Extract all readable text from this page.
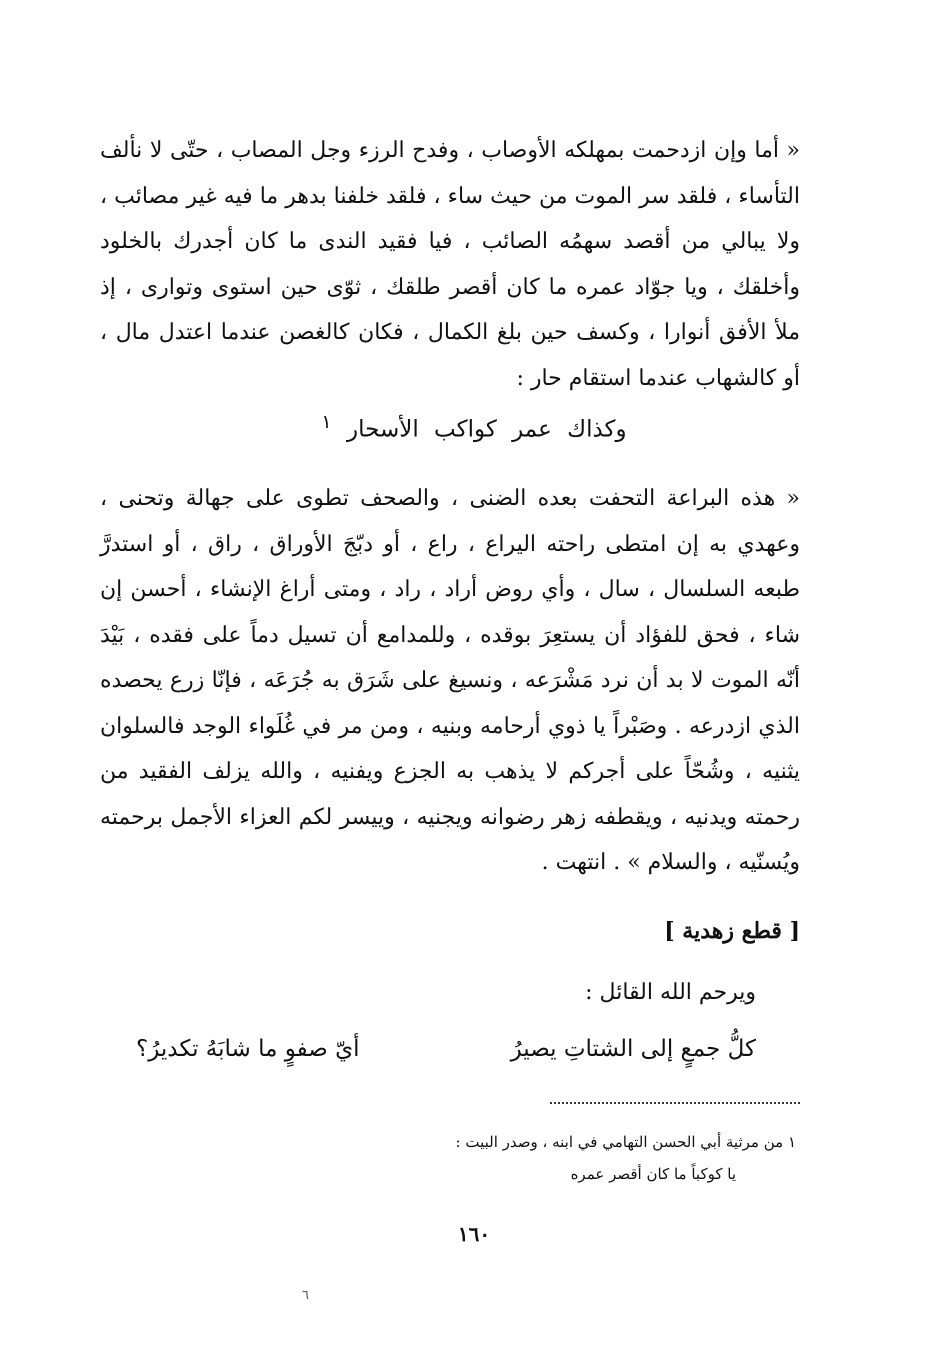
« أما وإن ازدحمت بمهلكه الأوصاب ، وفدح الرزء وجل المصاب ، حتّى لا نألف التأساء ، فلقد سر الموت من حيث ساء ، فلقد خلفنا بدهر ما فيه غير مصائب ، ولا يبالي من أقصد سهمُه الصائب ، فيا فقيد الندى ما كان أجدرك بالخلود وأخلقك ، ويا جوّاد عمره ما كان أقصر طلقك ، ثوّى حين استوى وتوارى ، إذ ملأ الأفق أنوارا ، وكسف حين بلغ الكمال ، فكان كالغصن عندما اعتدل مال ، أو كالشهاب عندما استقام حار :

وكذاك عمر كواكب الأسحار $^١$

« هذه البراعة التحفت بعده الضنى ، والصحف تطوى على جهالة وتحنى ، وعهدي به إن امتطى راحته اليراع ، راع ، أو دبّجَ الأوراق ، راق ، أو استدرَّ طبعه السلسال ، سال ، وأي روض أراد ، راد ، ومتى أراغ الإنشاء ، أحسن إن شاء ، فحق للفؤاد أن يستعِرَ بوقده ، وللمدامع أن تسيل دماً على فقده ، بَيْدَ أنّه الموت لا بد أن نرد مَشْرَعه ، ونسيغ على شَرَق به جُرَعَه ، فإنّا زرع يحصده الذي ازدرعه . وصَبْراً يا ذوي أرحامه وبنيه ، ومن مر في غُلَواء الوجد فالسلوان يثنيه ، وشُحّاً على أجركم لا يذهب به الجزع ويفنيه ، والله يزلف الفقيد من رحمته ويدنيه ، ويقطفه زهر رضوانه ويجنيه ، وييسر لكم العزاء الأجمل برحمته ويُسنّيه ، والسلام » . انتهت .

[ قطع زهدية ]

ويرحم الله القائل :

كلُّ جمعٍ إلى الشتاتِ يصيرُ
أيّ صفوٍ ما شابَهُ تكديرُ؟

١ من مرثية أبي الحسن التهامي في ابنه ، وصدر البيت :
يا كوكباً ما كان أقصر عمره

١٦٠

٦
